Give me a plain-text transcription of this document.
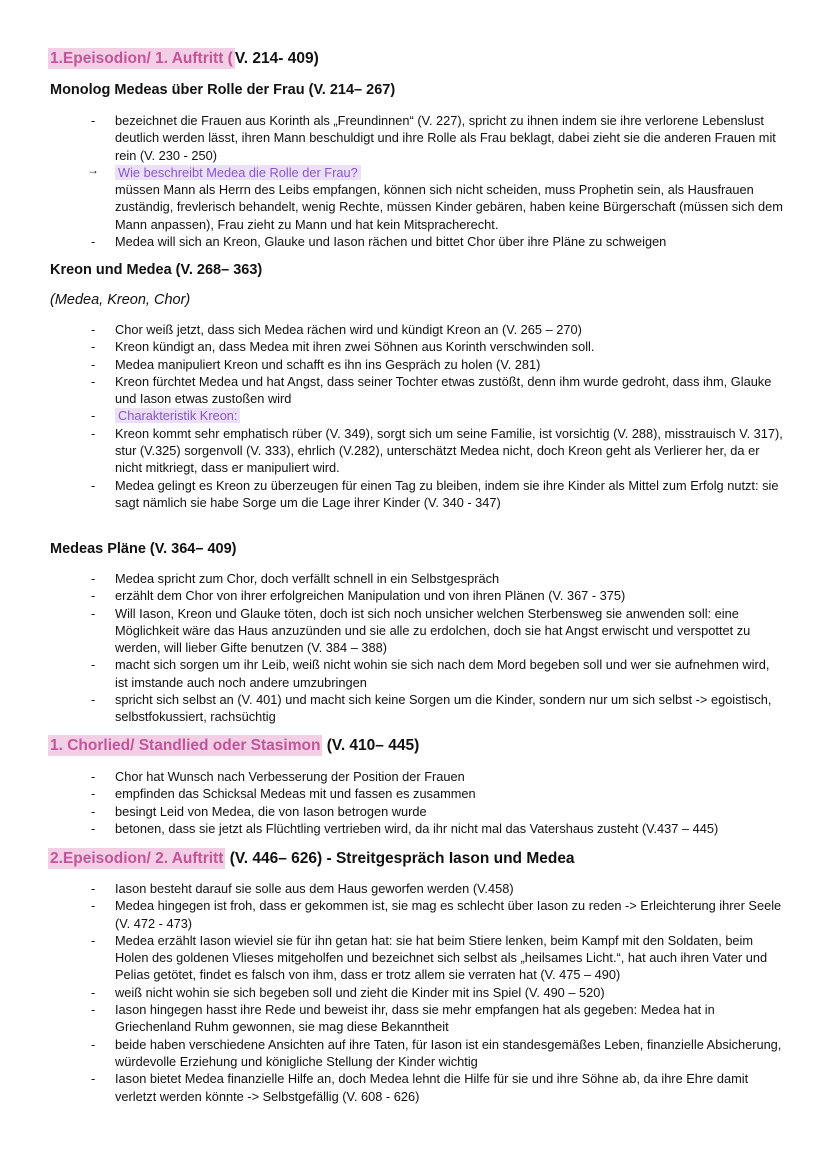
1.Epeisodion/ 1. Auftritt ( V. 214- 409)
Monolog Medeas über Rolle der Frau (V. 214– 267)
- bezeichnet die Frauen aus Korinth als „Freundinnen“ (V. 227), spricht zu ihnen indem sie ihre verlorene Lebenslust deutlich werden lässt, ihren Mann beschuldigt und ihre Rolle als Frau beklagt, dabei zieht sie die anderen Frauen mit rein (V. 230 - 250)
→ Wie beschreibt Medea die Rolle der Frau?
müssen Mann als Herrn des Leibs empfangen, können sich nicht scheiden, muss Prophetin sein, als Hausfrauen zuständig, frevlerisch behandelt, wenig Rechte, müssen Kinder gebären, haben keine Bürgerschaft (müssen sich dem Mann anpassen), Frau zieht zu Mann und hat kein Mitspracherecht.
- Medea will sich an Kreon, Glauke und Iason rächen und bittet Chor über ihre Pläne zu schweigen
Kreon und Medea (V. 268– 363)
(Medea, Kreon, Chor)
- Chor weiß jetzt, dass sich Medea rächen wird und kündigt Kreon an (V. 265 – 270)
- Kreon kündigt an, dass Medea mit ihren zwei Söhnen aus Korinth verschwinden soll.
- Medea manipuliert Kreon und schafft es ihn ins Gespräch zu holen (V. 281)
- Kreon fürchtet Medea und hat Angst, dass seiner Tochter etwas zustößt, denn ihm wurde gedroht, dass ihm, Glauke und Iason etwas zustoßen wird
- Charakteristik Kreon:
- Kreon kommt sehr emphatisch rüber (V. 349), sorgt sich um seine Familie, ist vorsichtig (V. 288), misstrauisch V. 317), stur (V.325) sorgenvoll (V. 333), ehrlich (V.282), unterschätzt Medea nicht, doch Kreon geht als Verlierer her, da er nicht mitkriegt, dass er manipuliert wird.
- Medea gelingt es Kreon zu überzeugen für einen Tag zu bleiben, indem sie ihre Kinder als Mittel zum Erfolg nutzt: sie sagt nämlich sie habe Sorge um die Lage ihrer Kinder (V. 340 - 347)
Medeas Pläne (V. 364– 409)
- Medea spricht zum Chor, doch verfällt schnell in ein Selbstgespräch
- erzählt dem Chor von ihrer erfolgreichen Manipulation und von ihren Plänen (V. 367 - 375)
- Will Iason, Kreon und Glauke töten, doch ist sich noch unsicher welchen Sterbensweg sie anwenden soll: eine Möglichkeit wäre das Haus anzuzünden und sie alle zu erdolchen, doch sie hat Angst erwischt und verspottet zu werden, will lieber Gifte benutzen (V. 384 – 388)
- macht sich sorgen um ihr Leib, weiß nicht wohin sie sich nach dem Mord begeben soll und wer sie aufnehmen wird, ist imstande auch noch andere umzubringen
- spricht sich selbst an (V. 401) und macht sich keine Sorgen um die Kinder, sondern nur um sich selbst -> egoistisch, selbstfokussiert, rachsüchtig
1. Chorlied/ Standlied oder Stasimon (V. 410– 445)
- Chor hat Wunsch nach Verbesserung der Position der Frauen
- empfinden das Schicksal Medeas mit und fassen es zusammen
- besingt Leid von Medea, die von Iason betrogen wurde
- betonen, dass sie jetzt als Flüchtling vertrieben wird, da ihr nicht mal das Vatershaus zusteht (V.437 – 445)
2.Epeisodion/ 2. Auftritt (V. 446– 626) - Streitgespräch Iason und Medea
- Iason besteht darauf sie solle aus dem Haus geworfen werden (V.458)
- Medea hingegen ist froh, dass er gekommen ist, sie mag es schlecht über Iason zu reden -> Erleichterung ihrer Seele (V. 472 - 473)
- Medea erzählt Iason wieviel sie für ihn getan hat: sie hat beim Stiere lenken, beim Kampf mit den Soldaten, beim Holen des goldenen Vlieses mitgeholfen und bezeichnet sich selbst als „heilsames Licht.“, hat auch ihren Vater und Pelias getötet, findet es falsch von ihm, dass er trotz allem sie verraten hat (V. 475 – 490)
- weiß nicht wohin sie sich begeben soll und zieht die Kinder mit ins Spiel (V. 490 – 520)
- Iason hingegen hasst ihre Rede und beweist ihr, dass sie mehr empfangen hat als gegeben: Medea hat in Griechenland Ruhm gewonnen, sie mag diese Bekanntheit
- beide haben verschiedene Ansichten auf ihre Taten, für Iason ist ein standesgemäßes Leben, finanzielle Absicherung, würdevolle Erziehung und königliche Stellung der Kinder wichtig
- Iason bietet Medea finanzielle Hilfe an, doch Medea lehnt die Hilfe für sie und ihre Söhne ab, da ihre Ehre damit verletzt werden könnte -> Selbstgefällig (V. 608 - 626)
